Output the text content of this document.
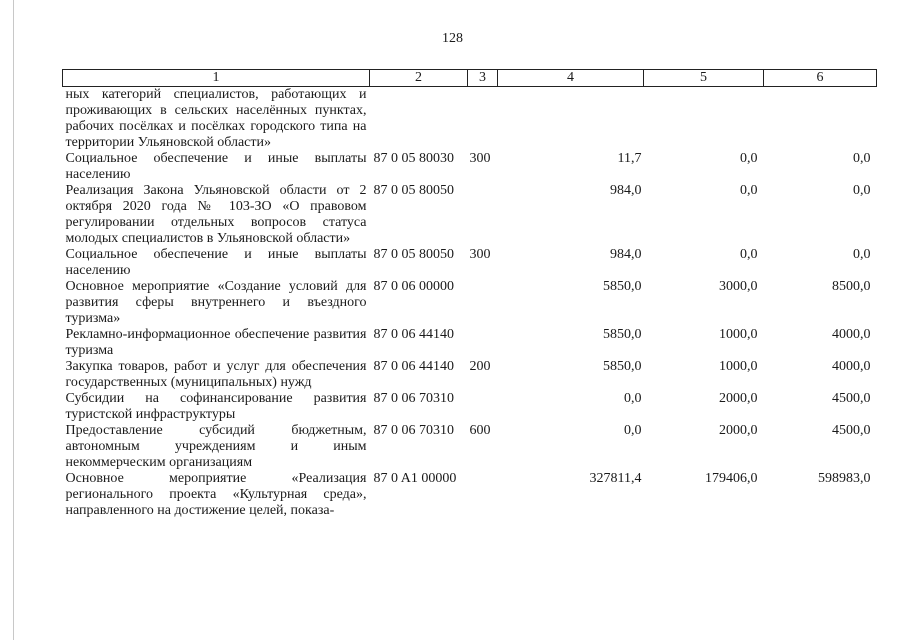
128
1	2	3	4	5	6
ных категорий специалистов, работающих и проживающих в сельских населённых пунктах, рабочих посёлках и посёлках городского типа на территории Ульяновской области»					
Социальное обеспечение и иные выплаты населению	87 0 05 80030	300	11,7	0,0	0,0
Реализация Закона Ульяновской области от 2 октября 2020 года № 103-ЗО «О правовом регулировании отдельных вопросов статуса молодых специалистов в Ульяновской области»	87 0 05 80050		984,0	0,0	0,0
Социальное обеспечение и иные выплаты населению	87 0 05 80050	300	984,0	0,0	0,0
Основное мероприятие «Создание условий для развития сферы внутреннего и въездного туризма»	87 0 06 00000		5850,0	3000,0	8500,0
Рекламно-информационное обеспечение развития туризма	87 0 06 44140		5850,0	1000,0	4000,0
Закупка товаров, работ и услуг для обеспечения государственных (муниципальных) нужд	87 0 06 44140	200	5850,0	1000,0	4000,0
Субсидии на софинансирование развития туристской инфраструктуры	87 0 06 70310		0,0	2000,0	4500,0
Предоставление субсидий бюджетным, автономным учреждениям и иным некоммерческим организациям	87 0 06 70310	600	0,0	2000,0	4500,0
Основное мероприятие «Реализация регионального проекта «Культурная среда», направленного на достижение целей, показа-	87 0 A1 00000		327811,4	179406,0	598983,0
